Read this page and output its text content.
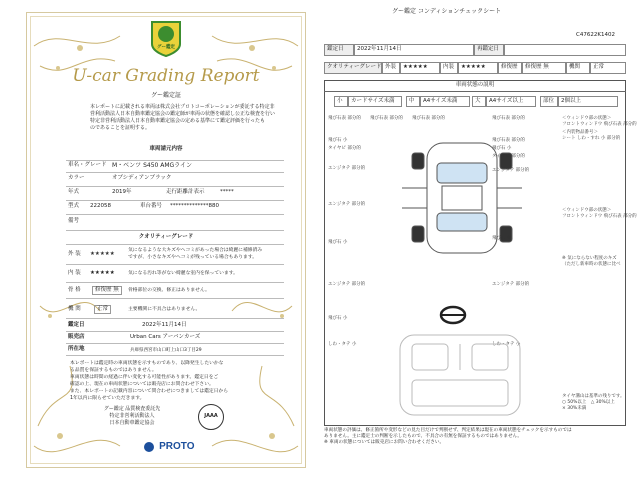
グー鑑定
U-car Grading Report
グー鑑定証
本レポートに記載される車両は株式会社プロトコーポレーションが委託する特定非
営利活動法人日本自動車鑑定協会の鑑定師が車両の状態を確認し公正な検査を行い
特定非営利活動法人日本自動車鑑定協会の定める基準にて鑑定評価を行ったも
のであることを証明する。
車両請元内容
車名・グレード M・ベンツ S450 AMGライン
カラー	オブシディアンブラック
年式	2019年	走行距離計表示	*****
型式 222058	車台番号 **************880
備考
クオリティーグレード
外 装 ★★★★★
気になるような大キズやヘコミがあった場合は綺麗に補修済み
ですが、小さなキズやヘコミが残っている場合もあります。
内 装 ★★★★★	気になる汚れ等がない綺麗な室内を保っています。
骨 格	修復歴 無	骨格部位の交換、修正はありません。
機 関	正常	主要機関に不具合はありません。
鑑定日	2022年11月14日
販売店	Urban Cars アーバンカーズ
所在地	兵庫県西宮市山口町上山口3丁目29
本レポートは鑑定時の車両状態を示すものであり、以降発生したいかな
る品質を保証するものではありません。
車両状態は時間の経過に伴い変化する可能性があります。鑑定日をご
確認の上、現在の車両状態については販売店にお問合わせ下さい。
また、本レポートの記載内容について問合わせにつきましては鑑定日から
1年以内に限らせていただきます。
グー鑑定 品質検査委託先
特定非営利活動法人
日本自動車鑑定協会
JAAA
PROTO
グー鑑定 コンディションチェックシート
C47622K1402
鑑定日	2022年11月14日	再鑑定日
クオリティーグレード 外装	★★★★★	内装	★★★★★	修復歴	修復歴 無	機関	正常
車両状態の説明
小	カードサイズ未満	中	A4サイズ未満	大	A4サイズ以上	部位	2個以上
飛び石表 部分的 飛び石表 部分的 飛び石表 部分的
飛び石 小
タイヤピ 部分的
エンジタテ 部分的
エンジタテ 部分的
飛び石 小
エンジタテ 部分的
飛び石 小
しわ・タテ 小
飛び石表 部分的
飛び石表 部分的
飛び石 小
タイヤピ 部分的
エンジタテ 部分的
飛び石 小
エンジタテ 部分的
しわ・タテ 小
＜ウィンドウ部の状態＞
フロントウィンドウ 飛び石表 部分的
＜内装物品番号＞
シート しわ・すれ 小 部分的
＜ウィンドウ部の状態＞
フロントウィンドウ 飛び石表 部分的
※ 気にならない程度のキズ
（ただし新車時の状態に比べ
タイヤ溝山は基準の残りです。
○ 50%以上　△ 30%以上
× 30%未満
車両状態の評価は、修正箇所や変形などの見た目だけで判断せず、判定結果は現在の車両状態をチェックを示すものでは
ありません。主に鑑定士の判断を示したもので、不具合の有無を保証するものではありません。
※ 車両の状態については販売店にお問い合わせください。
